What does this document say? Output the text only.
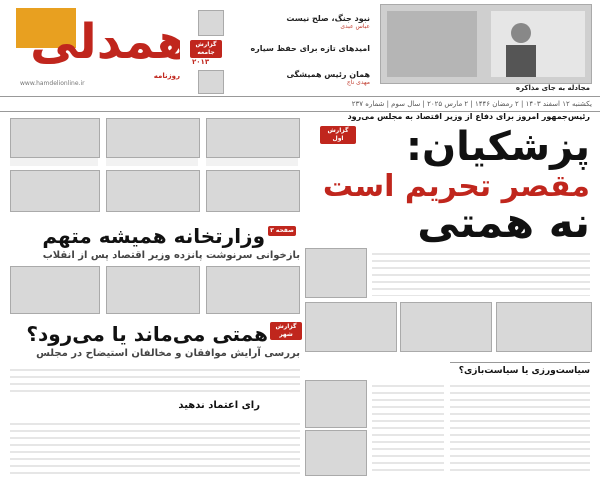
همدلی
روزنامه
www.hamdelionline.ir
نبود جنگ، صلح نیست
عباس عبدی
امیدهای تازه برای حفظ سیاره
گزارش جامعه
۲۰۱۳
همان رئیس همیشگی
مهدی ناج
مجادله به جای مذاکره
یکشنبه ۱۲ اسفند ۱۴۰۳ | ۲ رمضان ۱۴۴۶ | ۲ مارس ۲۰۲۵ | سال سوم | شماره ۲۳۷
رئیس‌جمهور امروز برای دفاع از وزیر اقتصاد به مجلس می‌رود
گزارش اول	پزشکیان:
مقصر تحریم است
نه همتی
صفحه ۳
وزارتخانه همیشه متهم
بازخوانی سرنوشت پانزده وزیر اقتصاد پس از انقلاب
گزارش شهر
همتی می‌ماند یا می‌رود؟
بررسی آرایش موافقان و مخالفان استیضاح در مجلس
رای اعتماد ندهید
سیاست‌ورزی یا سیاست‌بازی؟
